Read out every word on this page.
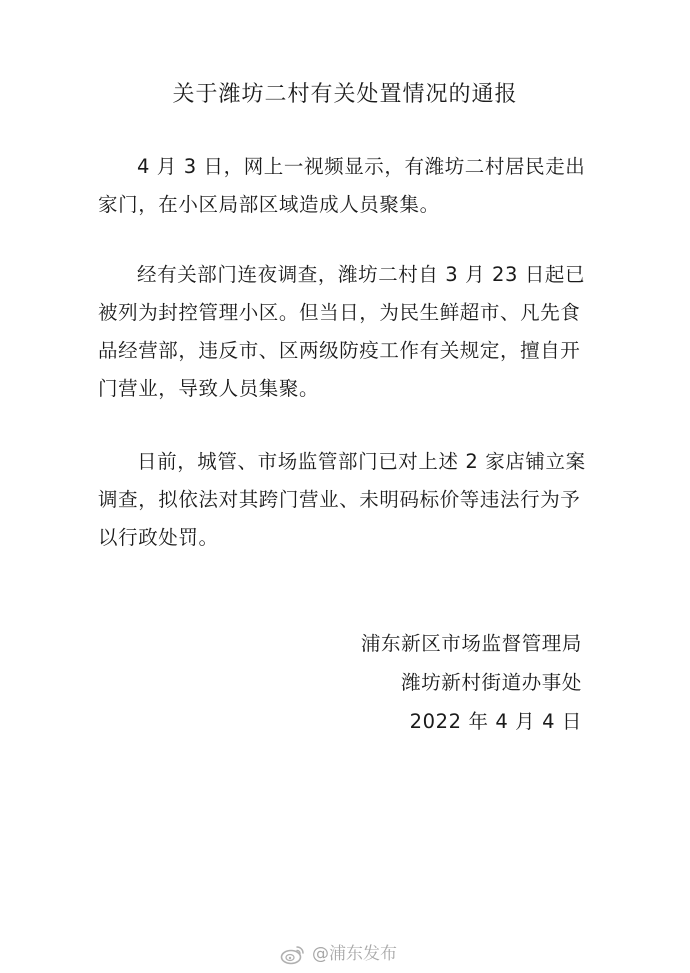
关于潍坊二村有关处置情况的通报

4 月 3 日，网上一视频显示，有潍坊二村居民走出家门，在小区局部区域造成人员聚集。

经有关部门连夜调查，潍坊二村自 3 月 23 日起已被列为封控管理小区。但当日，为民生鲜超市、凡先食品经营部，违反市、区两级防疫工作有关规定，擅自开门营业，导致人员集聚。

日前，城管、市场监管部门已对上述 2 家店铺立案调查，拟依法对其跨门营业、未明码标价等违法行为予以行政处罚。

浦东新区市场监督管理局
潍坊新村街道办事处
2022 年 4 月 4 日
@浦东发布
